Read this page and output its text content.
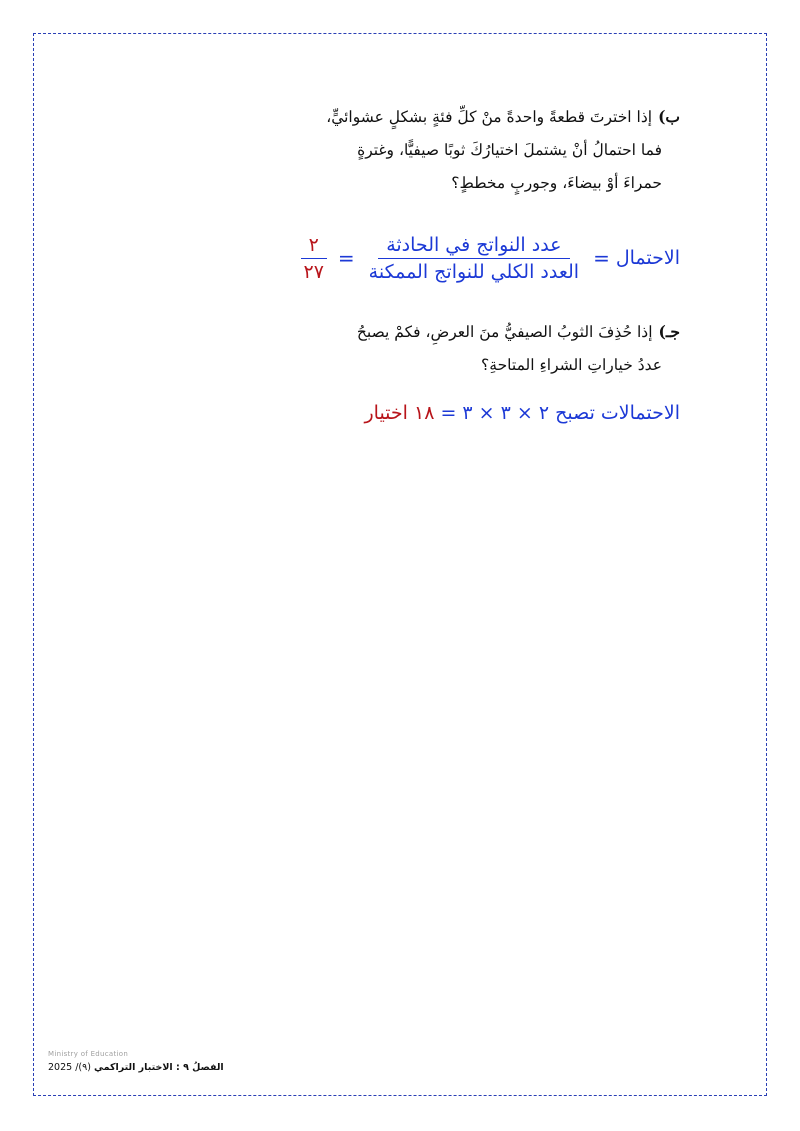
ب)إذا اخترتَ قطعةً واحدةً منْ كلِّ فئةٍ بشكلٍ عشوائيٍّ،
فما احتمالُ أنْ يشتملَ اختيارُكَ ثوبًا صيفيًّا، وغترةٍ
حمراءَ أوْ بيضاءَ، وجوربٍ مخططٍ؟
الاحتمال
=
$\frac{\text{عدد النواتج في الحادثة}}{\text{العدد الكلي للنواتج الممكنة}}$
=
$\frac{٢}{٢٧}$
جـ)إذا حُذِفَ الثوبُ الصيفيُّ منَ العرضِ، فكمْ يصبحُ
عددُ خياراتِ الشراءِ المتاحةِ؟
الاحتمالات تصبح ٢ × ٣ × ٣ = ١٨ اختيار
Ministry of Education
الفصلُ ٩ : الاختبار التراكمي (٩)/ 2025
